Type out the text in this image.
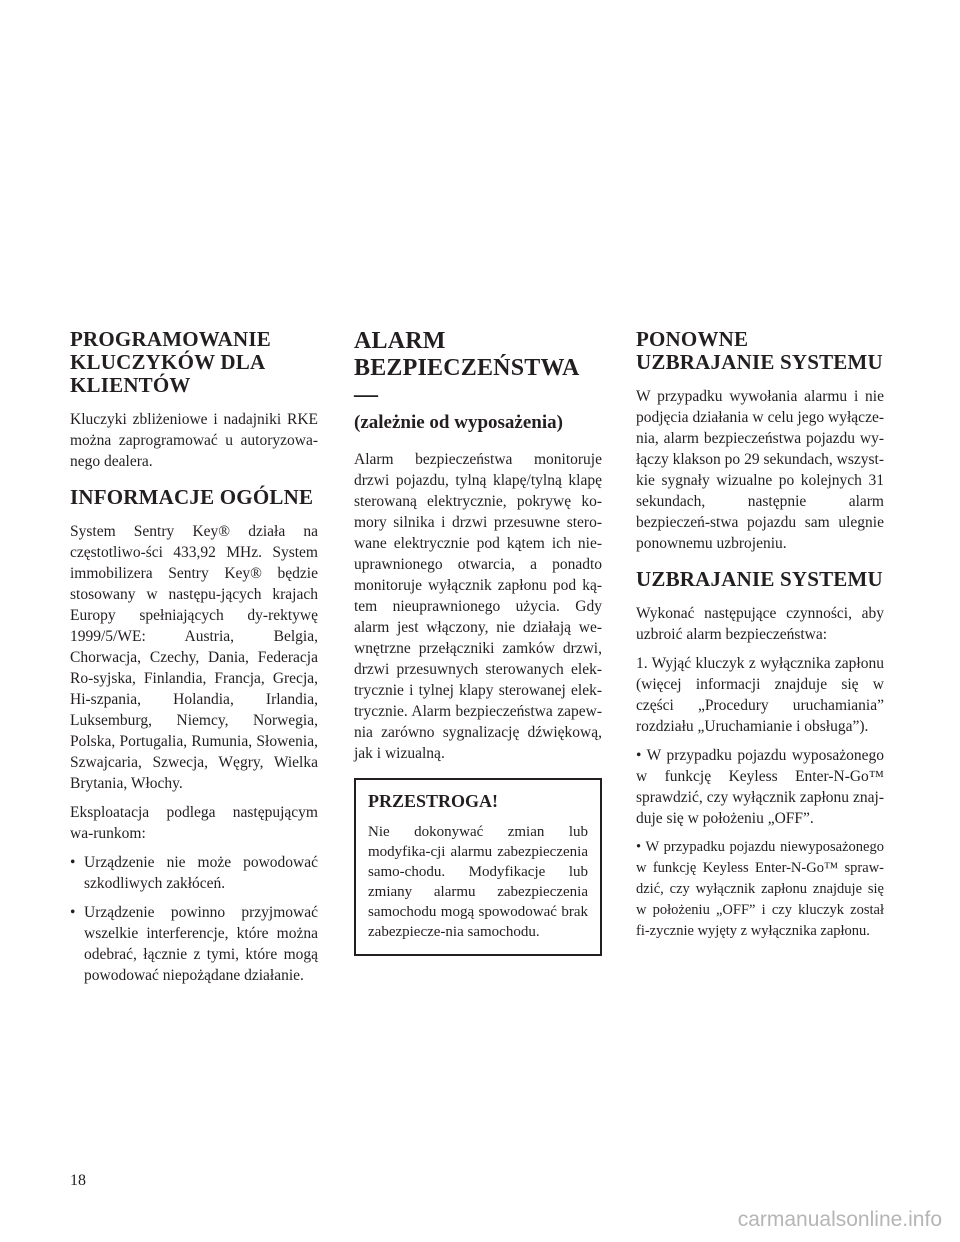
PROGRAMOWANIE KLUCZYKÓW DLA KLIENTÓW

Kluczyki zbliżeniowe i nadajniki RKE można zaprogramować u autoryzowa-nego dealera.

INFORMACJE OGÓLNE

System Sentry Key® działa na częstotliwo-ści 433,92 MHz. System immobilizera Sentry Key® będzie stosowany w następu-jących krajach Europy spełniających dy-rektywę 1999/5/WE: Austria, Belgia, Chorwacja, Czechy, Dania, Federacja Ro-syjska, Finlandia, Francja, Grecja, Hi-szpania, Holandia, Irlandia, Luksemburg, Niemcy, Norwegia, Polska, Portugalia, Rumunia, Słowenia, Szwajcaria, Szwecja, Węgry, Wielka Brytania, Włochy.

Eksploatacja podlega następującym wa-runkom:

• Urządzenie nie może powodować szkodliwych zakłóceń.
• Urządzenie powinno przyjmować wszelkie interferencje, które można odebrać, łącznie z tymi, które mogą powodować niepożądane działanie.
ALARM BEZPIECZEŃSTWA —
(zależnie od wyposażenia)

Alarm bezpieczeństwa monitoruje drzwi pojazdu, tylną klapę/tylną klapę sterowaną elektrycznie, pokrywę ko-mory silnika i drzwi przesuwne stero-wane elektrycznie pod kątem ich nie-uprawnionego otwarcia, a ponadto monitoruje wyłącznik zapłonu pod ką-tem nieuprawnionego użycia. Gdy alarm jest włączony, nie działają we-wnętrzne przełączniki zamków drzwi, drzwi przesuwnych sterowanych elek-trycznie i tylnej klapy sterowanej elek-trycznie. Alarm bezpieczeństwa zapew-nia zarówno sygnalizację dźwiękową, jak i wizualną.

PRZESTROGA!

Nie dokonywać zmian lub modyfika-cji alarmu zabezpieczenia samo-chodu. Modyfikacje lub zmiany alarmu zabezpieczenia samochodu mogą spowodować brak zabezpiecze-nia samochodu.

PONOWNE UZBRAJANIE SYSTEMU

W przypadku wywołania alarmu i nie podjęcia działania w celu jego wyłącze-nia, alarm bezpieczeństwa pojazdu wy-łączy klakson po 29 sekundach, wszyst-kie sygnały wizualne po kolejnych 31 sekundach, następnie alarm bezpieczeń-stwa pojazdu sam ulegnie ponownemu uzbrojeniu.

UZBRAJANIE SYSTEMU

Wykonać następujące czynności, aby uzbroić alarm bezpieczeństwa:

1. Wyjąć kluczyk z wyłącznika zapłonu (więcej informacji znajduje się w części „Procedury uruchamiania” rozdziału „Uruchamianie i obsługa”).

• W przypadku pojazdu wyposażonego w funkcję Keyless Enter-N-Go™ sprawdzić, czy wyłącznik zapłonu znaj-duje się w położeniu „OFF”.

• W przypadku pojazdu niewyposażonego w funkcję Keyless Enter-N-Go™ spraw-dzić, czy wyłącznik zapłonu znajduje się w położeniu „OFF” i czy kluczyk został fi-zycznie wyjęty z wyłącznika zapłonu.

18
carmanualsonline.info
